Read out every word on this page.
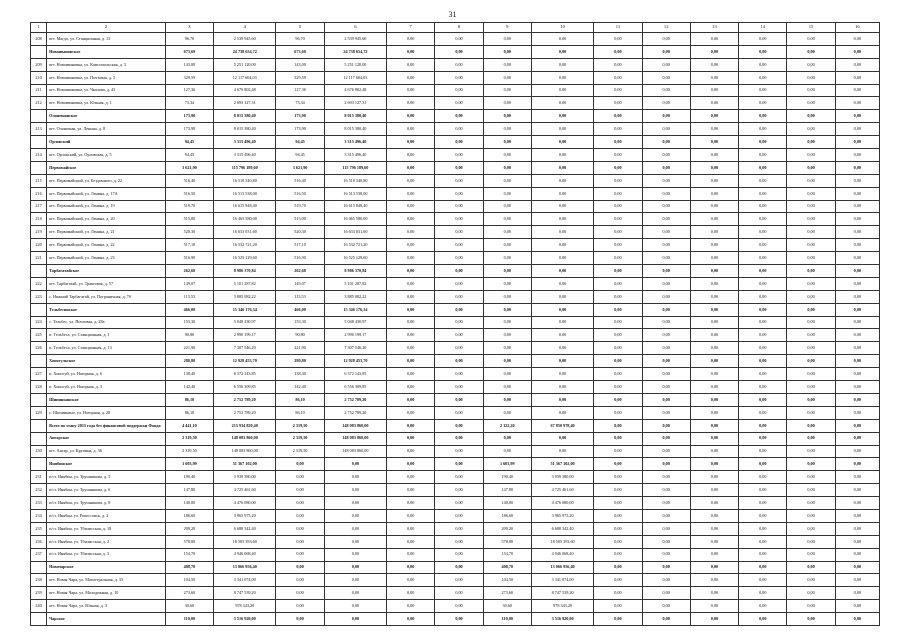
31
1	2	3	4	5	6	7	8	9	10	11	12	13	14	15	16
208	пгт. Магдо, ул. Станционная, д. 13	96,70	2 539 945,60	96,70	2 539 945,60	0,00	0,00	0,00	0,00	0,00	0,00	0,00	0,00	0,00	0,00
	Новоивановское	673,69	24 738 654,72	673,69	24 738 654,72	0,00	0,00	0,00	0,00	0,00	0,00	0,00	0,00	0,00	0,00
209	пгт. Новоивановка, ул. Комсомольская, д. 3	143,00	5 251 120,00	143,00	5 251 120,00	0,00	0,00	0,00	0,00	0,00	0,00	0,00	0,00	0,00	0,00
210	пгт. Новоивановка, ул. Почтовая, д. 5	329,59	12 117 604,03	329,59	12 117 604,03	0,00	0,00	0,00	0,00	0,00	0,00	0,00	0,00	0,00	0,00
211	пгт. Новоивановка, ул. Чкалова, д. 43	127,36	4 676 802,48	127,36	4 676 802,48	0,00	0,00	0,00	0,00	0,00	0,00	0,00	0,00	0,00	0,00
212	пгт. Новоивановка, ул. Южная, д. 1	73,34	2 693 127,31	73,34	2 693 127,31	0,00	0,00	0,00	0,00	0,00	0,00	0,00	0,00	0,00	0,00
	Олонешанское	173,90	8 015 380,40	173,90	8 015 380,40	0,00	0,00	0,00	0,00	0,00	0,00	0,00	0,00	0,00	0,00
213	пгт. Олонешан, ул. Ленина, д. 8	173,90	8 015 380,40	173,90	8 015 380,40	0,00	0,00	0,00	0,00	0,00	0,00	0,00	0,00	0,00	0,00
	Орловский	94,45	3 315 496,40	94,45	3 315 496,40	0,00	0,00	0,00	0,00	0,00	0,00	0,00	0,00	0,00	0,00
214	пгт. Орловский, ул. Орловская, д. 5	94,45	3 315 496,40	94,45	3 315 496,40	0,00	0,00	0,00	0,00	0,00	0,00	0,00	0,00	0,00	0,00
	Первомайское	3 621,90	115 796 189,60	3 621,90	115 796 189,60	0,00	0,00	0,00	0,00	0,00	0,00	0,00	0,00	0,00	0,00
215	пгт. Первомайский, ул. Бездомного, д. 22	516,40	16 510 340,80	516,40	16 510 340,80	0,00	0,00	0,00	0,00	0,00	0,00	0,00	0,00	0,00	0,00
216	пгт. Первомайский, ул. Ленина, д. 17А	516,50	16 513 538,00	516,50	16 513 538,00	0,00	0,00	0,00	0,00	0,00	0,00	0,00	0,00	0,00	0,00
217	пгт. Первомайский, ул. Ленина, д. 19	519,70	16 615 848,40	519,70	16 615 848,40	0,00	0,00	0,00	0,00	0,00	0,00	0,00	0,00	0,00	0,00
218	пгт. Первомайский, ул. Ленина, д. 20	515,00	16 465 580,00	515,00	16 465 580,00	0,00	0,00	0,00	0,00	0,00	0,00	0,00	0,00	0,00	0,00
219	пгт. Первомайский, ул. Ленина, д. 21	520,30	16 633 031,60	520,30	16 633 031,60	0,00	0,00	0,00	0,00	0,00	0,00	0,00	0,00	0,00	0,00
220	пгт. Первомайский, ул. Ленина, д. 22	517,10	16 532 721,20	517,10	16 532 721,20	0,00	0,00	0,00	0,00	0,00	0,00	0,00	0,00	0,00	0,00
221	пгт. Первомайский, ул. Ленина, д. 23	516,90	16 525 129,60	516,90	16 525 129,60	0,00	0,00	0,00	0,00	0,00	0,00	0,00	0,00	0,00	0,00
	Тарбагатайское	262,68	8 986 370,84	262,68	8 986 370,84	0,00	0,00	0,00	0,00	0,00	0,00	0,00	0,00	0,00	0,00
222	пгт. Тарбагатай, ул. Трактовая, д. 57	149,07	5 101 287,82	149,07	5 101 287,82	0,00	0,00	0,00	0,00	0,00	0,00	0,00	0,00	0,00	0,00
223	с. Нижний Тарбагатай, ул. Пограничная, д. 7б	113,53	3 885 082,22	113,53	3 885 082,22	0,00	0,00	0,00	0,00	0,00	0,00	0,00	0,00	0,00	0,00
	Тельбесинское	466,00	15 346 176,34	466,00	15 346 176,34	0,00	0,00	0,00	0,00	0,00	0,00	0,00	0,00	0,00	0,00
224	с. Тельбес, ул. Почтовая, д. 28а	153,30	5 048 430,97	153,30	5 048 430,97	0,00	0,00	0,00	0,00	0,00	0,00	0,00	0,00	0,00	0,00
225	п. Тельбеса, ул. Станционная, д. 1	90,80	2 990 199,17	90,80	2 990 199,17	0,00	0,00	0,00	0,00	0,00	0,00	0,00	0,00	0,00	0,00
226	п. Тельбеса, ул. Станционная, д. 13	221,90	7 307 546,20	221,90	7 307 546,20	0,00	0,00	0,00	0,00	0,00	0,00	0,00	0,00	0,00	0,00
	Хоногульское	280,80	12 928 453,70	280,80	12 928 453,70	0,00	0,00	0,00	0,00	0,00	0,00	0,00	0,00	0,00	0,00
227	п. Хоногуй, ул. Нагорная, д. 6	138,40	6 372 143,85	138,40	6 372 143,85	0,00	0,00	0,00	0,00	0,00	0,00	0,00	0,00	0,00	0,00
228	п. Хоногуй, ул. Нагорная, д. 3	142,40	6 556 309,85	142,40	6 556 309,85	0,00	0,00	0,00	0,00	0,00	0,00	0,00	0,00	0,00	0,00
	Шипиньинское	86,10	2 752 789,20	86,10	2 752 789,20	0,00	0,00	0,00	0,00	0,00	0,00	0,00	0,00	0,00	0,00
229	с. Шипиньино, ул. Нагорная, д. 28	86,10	2 752 789,20	86,10	2 752 789,20	0,00	0,00	0,00	0,00	0,00	0,00	0,00	0,00	0,00	0,00
	Всего по этапу 2015 года без финансовой поддержки Фонда	4 441,10	215 934 820,40	2 319,50	148 083 860,00	0,00	0,00	2 122,20	67 850 978,40	0,00	0,00	0,00	0,00	0,00	0,00
	Ангарское	2 319,50	148 083 860,00	2 319,50	148 083 860,00	0,00	0,00	0,00	0,00	0,00	0,00	0,00	0,00	0,00	0,00
230	пгт. Ангар, ул. Крупина, д. 36	2 319,50	148 083 860,00	2 319,50	148 083 860,00	0,00	0,00	0,00	0,00	0,00	0,00	0,00	0,00	0,00	0,00
	Инябинское	1 603,99	51 367 102,00	0,00	0,00	0,00	0,00	1 603,99	51 367 102,00	0,00	0,00	0,00	0,00	0,00	0,00
231	п/ст. Инябин, ул. Трушникова, д. 5	190,40	3 939 380,00	0,00	0,00	0,00	0,00	190,40	3 939 380,00	0,00	0,00	0,00	0,00	0,00	0,00
232	п/ст. Инябин, ул. Трушникова, д. 6	147,80	4 725 461,60	0,00	0,00	0,00	0,00	147,80	4 725 461,60	0,00	0,00	0,00	0,00	0,00	0,00
233	п/ст. Инябин, ул. Трушникова, д. 8	140,00	4 476 080,00	0,00	0,00	0,00	0,00	140,00	4 476 080,00	0,00	0,00	0,00	0,00	0,00	0,00
234	п/ст. Инябин, ул. Рокоссовск, д. 2	186,60	3 965 975,20	0,00	0,00	0,00	0,00	186,60	3 965 975,20	0,00	0,00	0,00	0,00	0,00	0,00
235	п/ст. Инябин, ул. Тбилисская, д. 18	209,20	6 688 342,40	0,00	0,00	0,00	0,00	209,20	6 688 342,40	0,00	0,00	0,00	0,00	0,00	0,00
236	п/ст. Инябин, ул. Тбилисская, д. 2	578,80	18 505 393,60	0,00	0,00	0,00	0,00	578,80	18 505 393,60	0,00	0,00	0,00	0,00	0,00	0,00
237	п/ст. Инябин, ул. Тбилисская, д. 3	154,70	4 946 068,40	0,00	0,00	0,00	0,00	154,70	4 946 068,40	0,00	0,00	0,00	0,00	0,00	0,00
	Новочарское	408,70	13 066 956,40	0,00	0,00	0,00	0,00	408,70	13 066 956,40	0,00	0,00	0,00	0,00	0,00	0,00
238	пгт. Новая Чара, ул. Магистральная, д. 33	104,50	3 341 074,00	0,00	0,00	0,00	0,00	104,50	3 341 074,00	0,00	0,00	0,00	0,00	0,00	0,00
239	пгт. Новая Чара, ул. Молодежная, д. 10	273,60	8 747 539,20	0,00	0,00	0,00	0,00	273,60	8 747 539,20	0,00	0,00	0,00	0,00	0,00	0,00
240	пгт. Новая Чара, ул. Южная, д. 3	30,60	978 343,20	0,00	0,00	0,00	0,00	30,60	978 343,20	0,00	0,00	0,00	0,00	0,00	0,00
	Чарское	110,00	3 516 920,00	0,00	0,00	0,00	0,00	110,00	3 516 920,00	0,00	0,00	0,00	0,00	0,00	0,00
